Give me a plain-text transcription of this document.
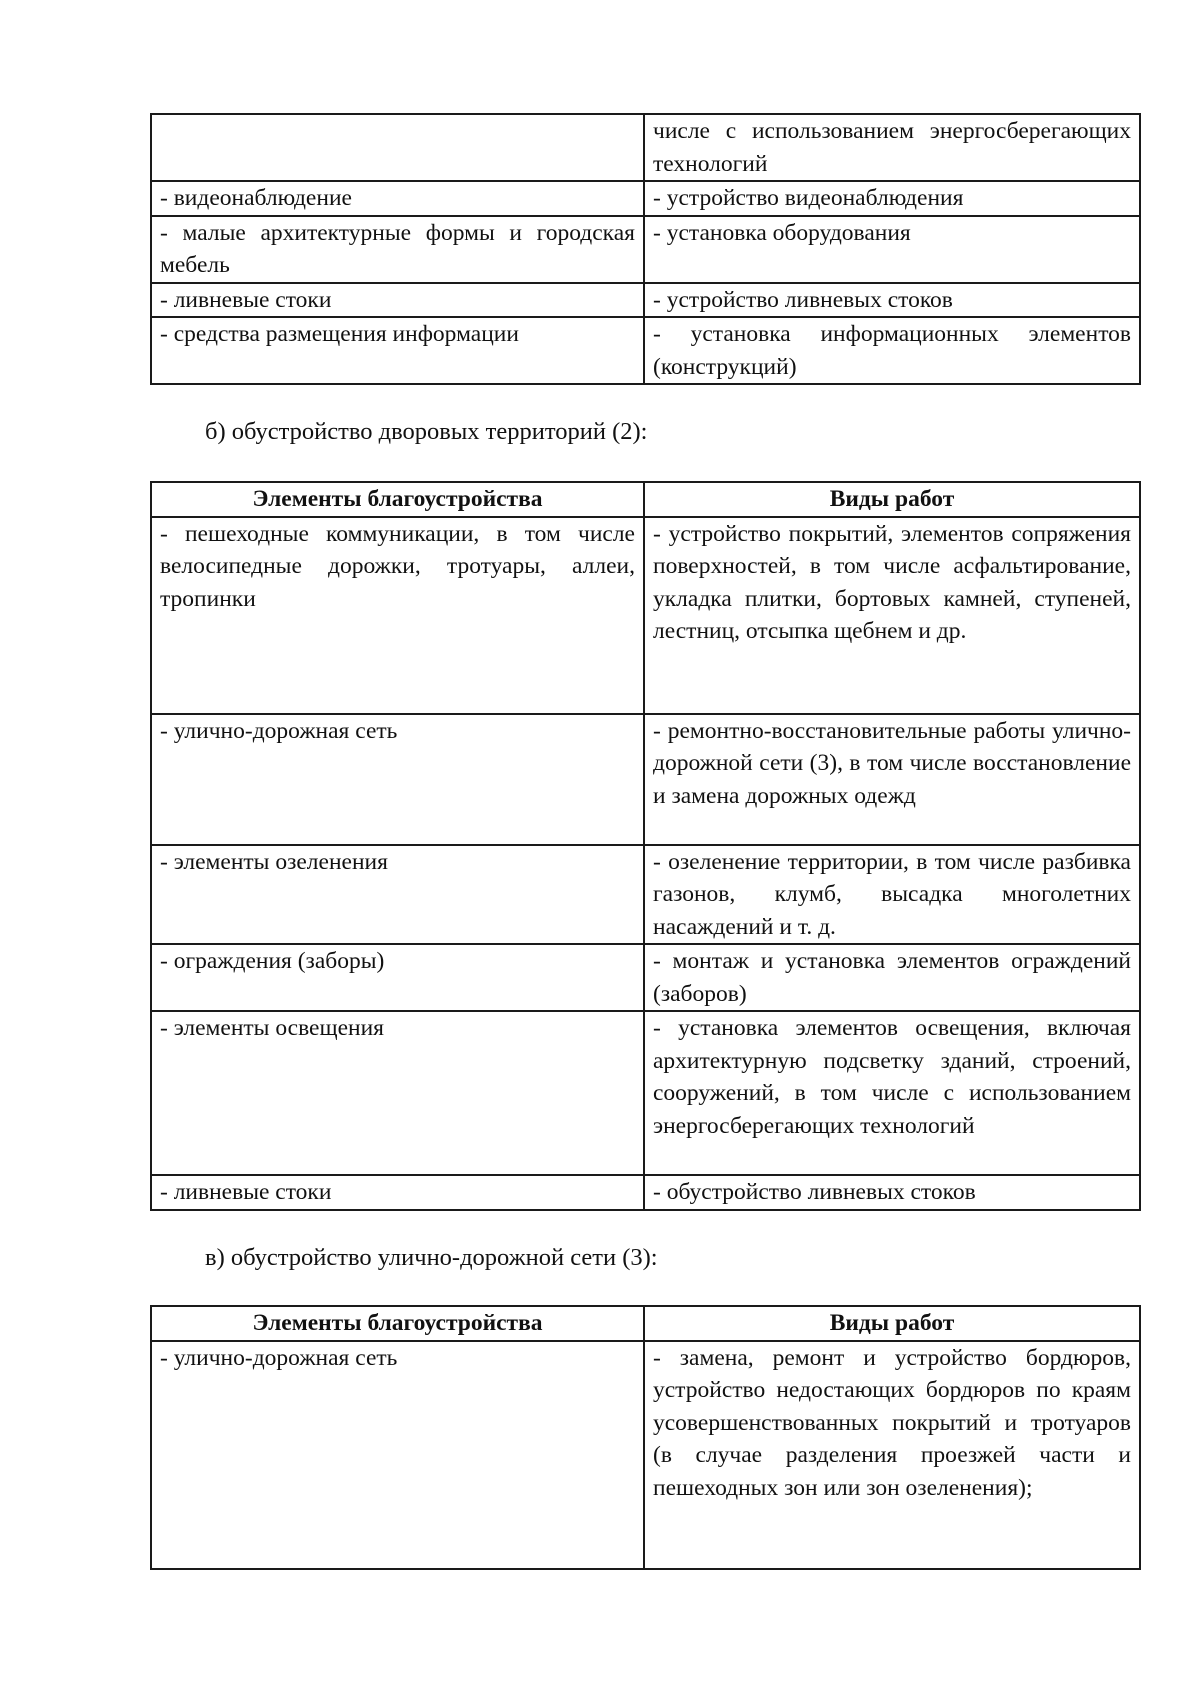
	числе с использованием энергосберегающих технологий
- видеонаблюдение	- устройство видеонаблюдения
- малые архитектурные формы и городская мебель	- установка оборудования
- ливневые стоки	- устройство ливневых стоков
- средства размещения информации	- установка информационных элементов (конструкций)
б) обустройство дворовых территорий (2):
Элементы благоустройства	Виды работ
- пешеходные коммуникации, в том числе велосипедные дорожки, тротуары, аллеи, тропинки	- устройство покрытий, элементов сопряжения поверхностей, в том числе асфальтирование, укладка плитки, бортовых камней, ступеней, лестниц, отсыпка щебнем и др.
- улично-дорожная сеть	- ремонтно-восстановительные работы улично-дорожной сети (3), в том числе восстановление и замена дорожных одежд
- элементы озеленения	- озеленение территории, в том числе разбивка газонов, клумб, высадка многолетних насаждений и т. д.
- ограждения (заборы)	- монтаж и установка элементов ограждений (заборов)
- элементы освещения	- установка элементов освещения, включая архитектурную подсветку зданий, строений, сооружений, в том числе с использованием энергосберегающих технологий
- ливневые стоки	- обустройство ливневых стоков
в) обустройство улично-дорожной сети (3):
Элементы благоустройства	Виды работ
- улично-дорожная сеть	- замена, ремонт и устройство бордюров, устройство недостающих бордюров по краям усовершенствованных покрытий и тротуаров (в случае разделения проезжей части и пешеходных зон или зон озеленения);
